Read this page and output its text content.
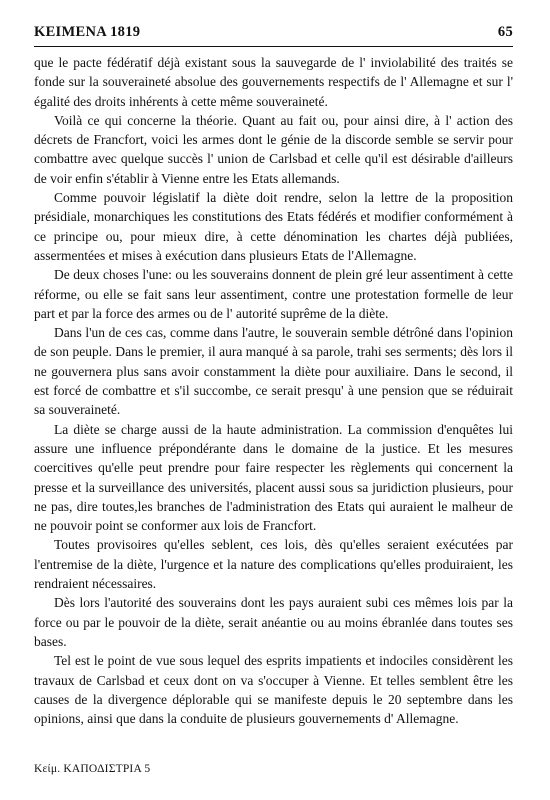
KEIMENA 1819	65

que le pacte fédératif déjà existant sous la sauvegarde de l' inviolabilité des traités se fonde sur la souveraineté absolue des gouvernements respectifs de l' Allemagne et sur l' égalité des droits inhérents à cette même souveraineté.

Voilà ce qui concerne la théorie. Quant au fait ou, pour ainsi dire, à l' action des décrets de Francfort, voici les armes dont le génie de la discorde semble se servir pour combattre avec quelque succès l' union de Carlsbad et celle qu'il est désirable d'ailleurs de voir enfin s'établir à Vienne entre les Etats allemands.

Comme pouvoir législatif la diète doit rendre, selon la lettre de la proposition présidiale, monarchiques les constitutions des Etats fédérés et modifier conformément à ce principe ou, pour mieux dire, à cette dénomination les chartes déjà publiées, assermentées et mises à exécution dans plusieurs Etats de l'Allemagne.

De deux choses l'une: ou les souverains donnent de plein gré leur assentiment à cette réforme, ou elle se fait sans leur assentiment, contre une protestation formelle de leur part et par la force des armes ou de l' autorité suprême de la diète.

Dans l'un de ces cas, comme dans l'autre, le souverain semble détrôné dans l'opinion de son peuple. Dans le premier, il aura manqué à sa parole, trahi ses serments; dès lors il ne gouvernera plus sans avoir constamment la diète pour auxiliaire. Dans le second, il est forcé de combattre et s'il succombe, ce serait presqu' à une pension que se réduirait sa souveraineté.

La diète se charge aussi de la haute administration. La commission d'enquêtes lui assure une influence prépondérante dans le domaine de la justice. Et les mesures coercitives qu'elle peut prendre pour faire respecter les règlements qui concernent la presse et la surveillance des universités, placent aussi sous sa juridiction plusieurs, pour ne pas, dire toutes,les branches de l'administration des Etats qui auraient le malheur de ne pouvoir point se conformer aux lois de Francfort.

Toutes provisoires qu'elles seblent, ces lois, dès qu'elles seraient exécutées par l'entremise de la diète, l'urgence et la nature des complications qu'elles produiraient, les rendraient nécessaires.

Dès lors l'autorité des souverains dont les pays auraient subi ces mêmes lois par la force ou par le pouvoir de la diète, serait anéantie ou au moins ébranlée dans toutes ses bases.

Tel est le point de vue sous lequel des esprits impatients et indociles considèrent les travaux de Carlsbad et ceux dont on va s'occuper à Vienne. Et telles semblent être les causes de la divergence déplorable qui se manifeste depuis le 20 septembre dans les opinions, ainsi que dans la conduite de plusieurs gouvernements d' Allemagne.

Κείμ. ΚΑΠΟΔΙΣΤΡΙΑ 5
